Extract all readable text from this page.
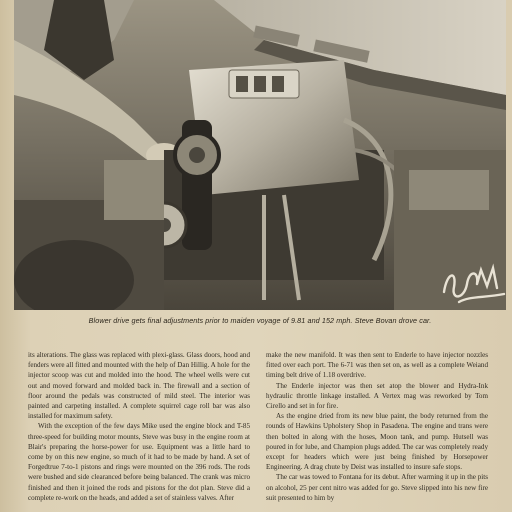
Blower drive gets final adjustments prior to maiden voyage of 9.81 and 152 mph. Steve Bovan drove car.

its alterations. The glass was replaced with plexi-glass. Glass doors, hood and fenders were all fitted and mounted with the help of Dan Hillig. A hole for the injector scoop was cut and molded into the hood. The wheel wells were cut out and moved forward and molded back in. The firewall and a section of floor around the pedals was constructed of mild steel. The interior was painted and carpeting installed. A complete squirrel cage roll bar was also installed for maximum safety.

With the exception of the few days Mike used the engine block and T-85 three-speed for building motor mounts, Steve was busy in the engine room at Blair's preparing the horse-power for use. Equipment was a little hard to come by on this new engine, so much of it had to be made by hand. A set of Forgedtrue 7-to-1 pistons and rings were mounted on the 396 rods. The rods were bushed and side clearanced before being balanced. The crank was micro finished and then it joined the rods and pistons for the dot plan. Steve did a complete re-work on the heads, and added a set of stainless valves. After

make the new manifold. It was then sent to Enderle to have injector nozzles fitted over each port. The 6-71 was then set on, as well as a complete Weiand timing belt drive of 1.18 overdrive.

The Enderle injector was then set atop the blower and Hydra-Ink hydraulic throttle linkage installed. A Vertex mag was reworked by Tom Cirello and set in for fire.

As the engine dried from its new blue paint, the body returned from the rounds of Hawkins Upholstery Shop in Pasadena. The engine and trans were then bolted in along with the hoses, Moon tank, and pump. Hutsell was poured in for lube, and Champion plugs added. The car was completely ready except for headers which were just being finished by Horsepower Engineering. A drag chute by Deist was installed to insure safe stops.

The car was towed to Fontana for its debut. After warming it up in the pits on alcohol, 25 per cent nitro was added for go. Steve slipped into his new fire suit presented to him by
